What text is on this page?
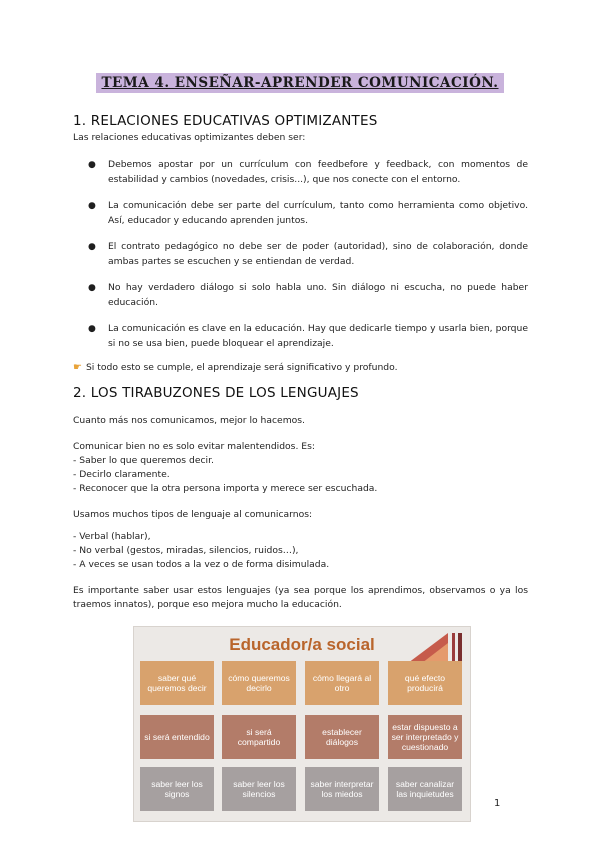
TEMA 4. ENSEÑAR-APRENDER COMUNICACIÓN.
1. RELACIONES EDUCATIVAS OPTIMIZANTES
Las relaciones educativas optimizantes deben ser:
● Debemos apostar por un currículum con feedbefore y feedback, con momentos de estabilidad y cambios (novedades, crisis...), que nos conecte con el entorno.
● La comunicación debe ser parte del currículum, tanto como herramienta como objetivo. Así, educador y educando aprenden juntos.
● El contrato pedagógico no debe ser de poder (autoridad), sino de colaboración, donde ambas partes se escuchen y se entiendan de verdad.
● No hay verdadero diálogo si solo habla uno. Sin diálogo ni escucha, no puede haber educación.
● La comunicación es clave en la educación. Hay que dedicarle tiempo y usarla bien, porque si no se usa bien, puede bloquear el aprendizaje.
☛ Si todo esto se cumple, el aprendizaje será significativo y profundo.
2. LOS TIRABUZONES DE LOS LENGUAJES
Cuanto más nos comunicamos, mejor lo hacemos.
Comunicar bien no es solo evitar malentendidos. Es:
- Saber lo que queremos decir.
- Decirlo claramente.
- Reconocer que la otra persona importa y merece ser escuchada.
Usamos muchos tipos de lenguaje al comunicarnos:
- Verbal (hablar),
- No verbal (gestos, miradas, silencios, ruidos…),
- A veces se usan todos a la vez o de forma disimulada.
Es importante saber usar estos lenguajes (ya sea porque los aprendimos, observamos o ya los traemos innatos), porque eso mejora mucho la educación.
Educador/a social
saber qué queremos decir
cómo queremos decirlo
cómo llegará al otro
qué efecto producirá
si será entendido	si será compartido
establecer diálogos
estar dispuesto a ser interpretado y cuestionado
saber leer los signos
saber leer los silencios
saber interpretar los miedos
saber canalizar las inquietudes
1
